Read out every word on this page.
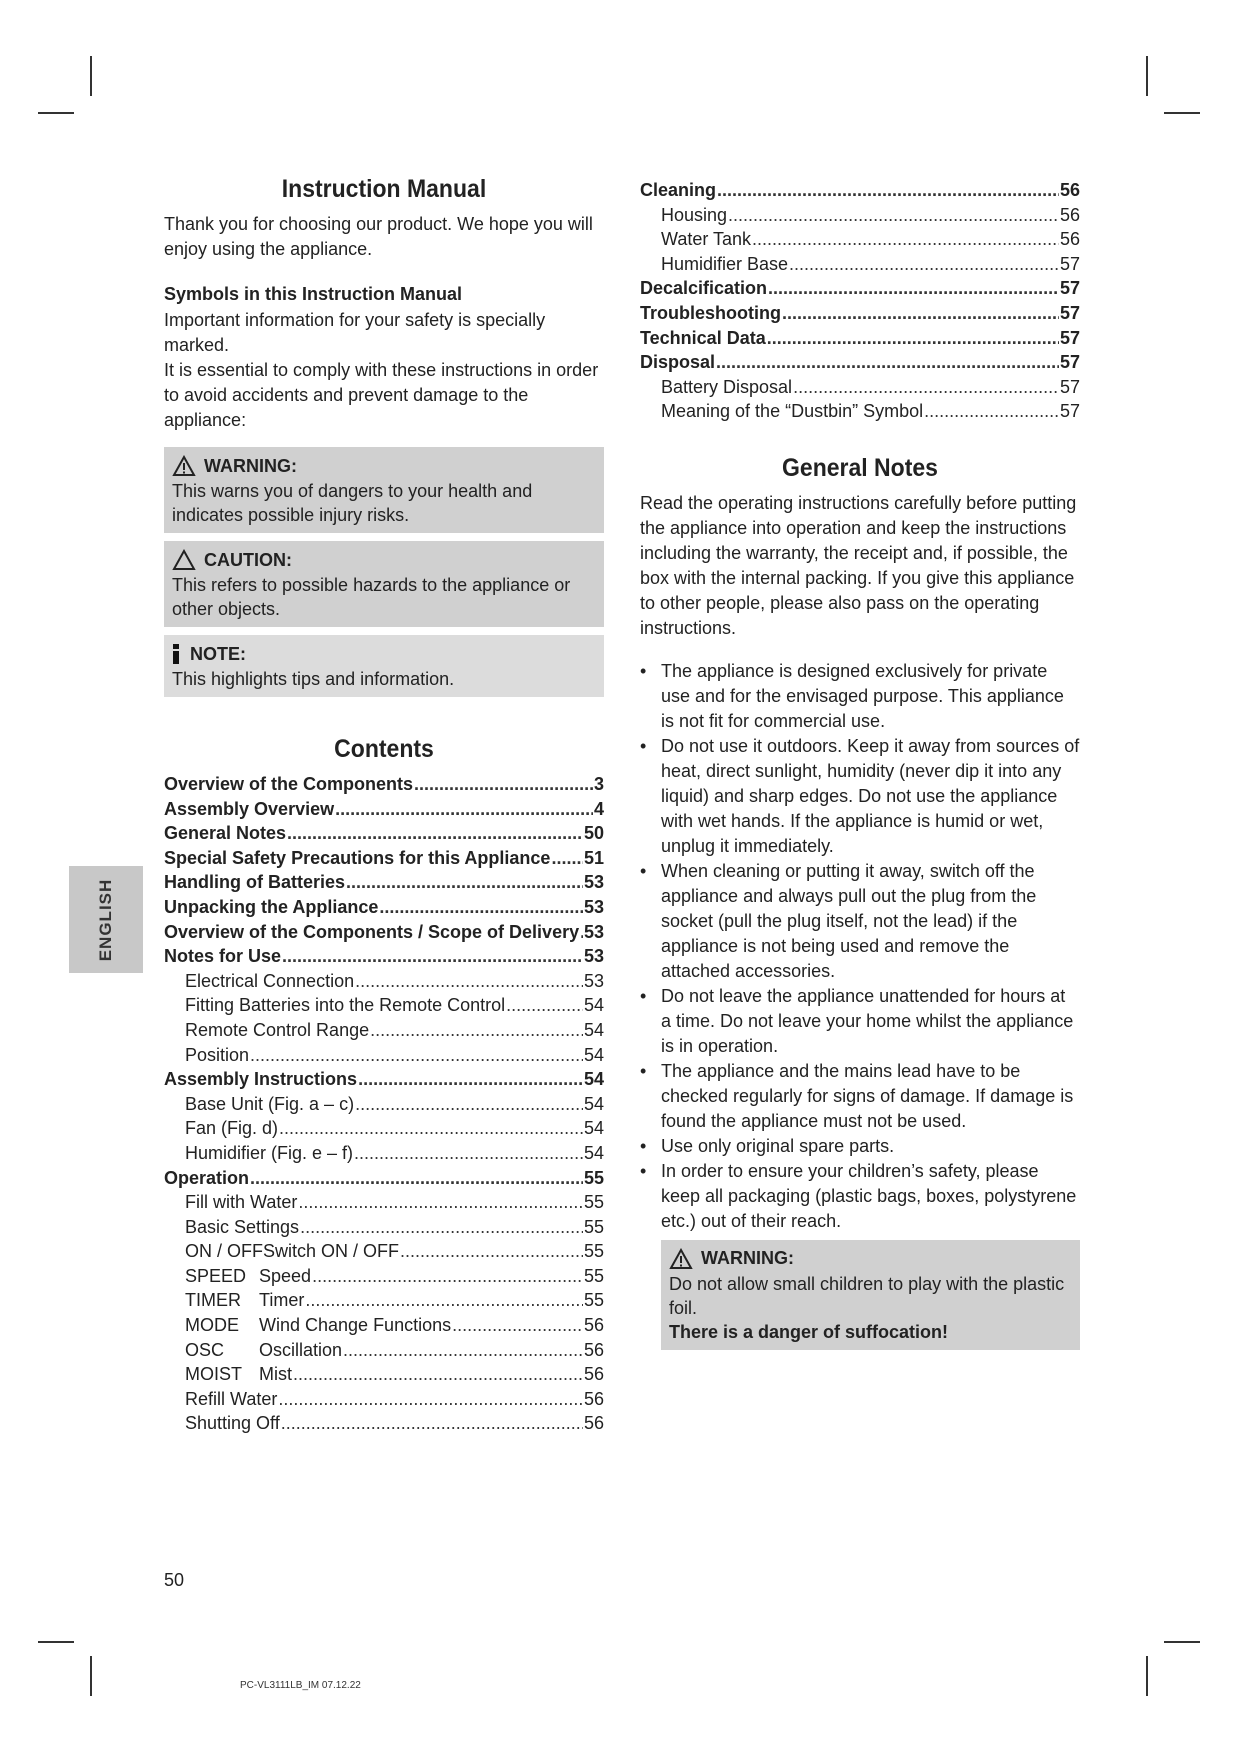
ENGLISH
Instruction Manual

Thank you for choosing our product. We hope you will enjoy using the appliance.

Symbols in this Instruction Manual

Important information for your safety is specially marked.

It is essential to comply with these instructions in order to avoid accidents and prevent damage to the appliance:

WARNING:
This warns you of dangers to your health and indicates possible injury risks.
CAUTION:
This refers to possible hazards to the appliance or other objects.
NOTE:
This highlights tips and information.
Contents
Overview of the Components .....	3
Assembly Overview .....	4
General Notes .....	50
Special Safety Precautions for this Appliance ..... 51
Handling of Batteries .....	53
Unpacking the Appliance .....	53
Overview of the Components / Scope of Delivery ..... 53
Notes for Use .....	53
Electrical Connection .....	53
Fitting Batteries into the Remote Control .....	54
Remote Control Range .....	54
Position .....	54
Assembly Instructions .....	54
Base Unit (Fig. a – c) .....	54
Fan (Fig. d) .....	54
Humidifier (Fig. e – f) .....	54
Operation .....	55
Fill with Water .....	55
Basic Settings .....	55
ON / OFF Switch ON / OFF .....	55
SPEED Speed .....	55
TIMER	Timer .....	55
MODE	Wind Change Functions .....	56
OSC	Oscillation .....	56
MOIST Mist .....	56
Refill Water .....	56
Shutting Off .....	56
Cleaning .....	56
Housing .....	56
Water Tank .....	56
Humidifier Base .....	57
Decalcification .....	57
Troubleshooting .....	57
Technical Data .....	57
Disposal .....	57
Battery Disposal .....	57
Meaning of the “Dustbin” Symbol .....	57
General Notes

Read the operating instructions carefully before putting the appliance into operation and keep the instructions including the warranty, the receipt and, if possible, the box with the internal packing. If you give this appliance to other people, please also pass on the operating instructions.

• The appliance is designed exclusively for private use and for the envisaged purpose. This appliance is not fit for commercial use.
• Do not use it outdoors. Keep it away from sources of heat, direct sunlight, humidity (never dip it into any liquid) and sharp edges. Do not use the appliance with wet hands. If the appliance is humid or wet, unplug it immediately.
• When cleaning or putting it away, switch off the appliance and always pull out the plug from the socket (pull the plug itself, not the lead) if the appliance is not being used and remove the attached accessories.
• Do not leave the appliance unattended for hours at a time. Do not leave your home whilst the appliance is in operation.
• The appliance and the mains lead have to be checked regularly for signs of damage. If damage is found the appliance must not be used.
• Use only original spare parts.
• In order to ensure your children’s safety, please keep all packaging (plastic bags, boxes, polystyrene etc.) out of their reach.
WARNING:
Do not allow small children to play with the plastic foil.
There is a danger of suffocation!
50
PC-VL3111LB_IM 07.12.22
